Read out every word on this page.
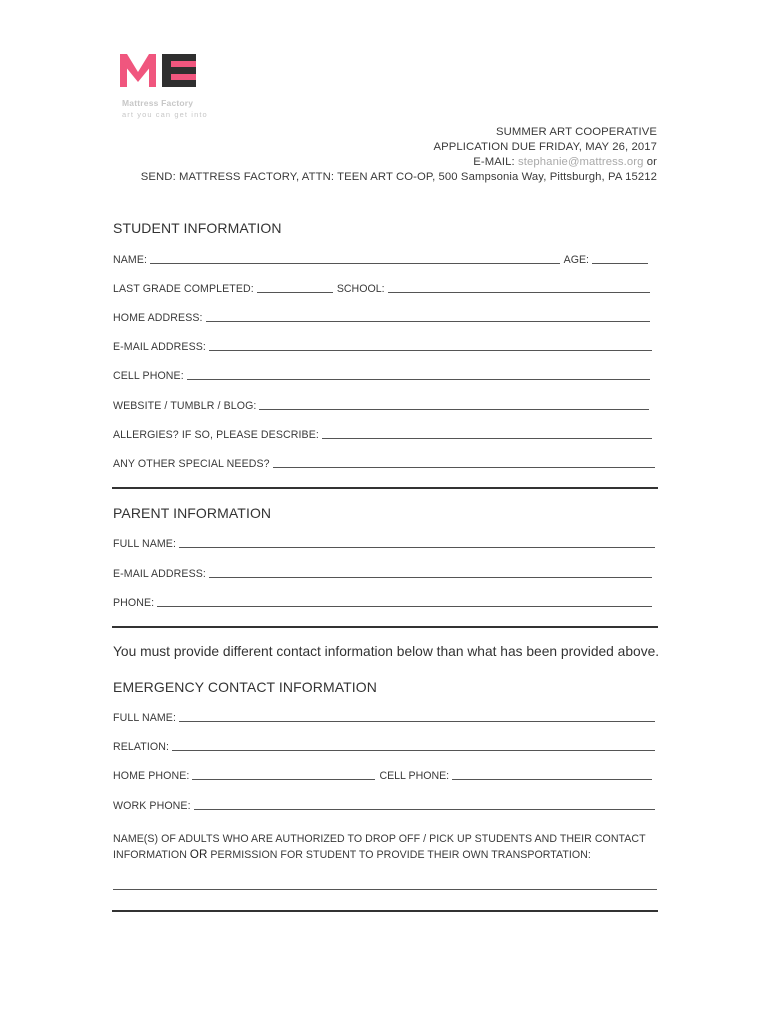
Mattress Factory
art you can get into
SUMMER ART COOPERATIVE
APPLICATION DUE FRIDAY, MAY 26, 2017
E-MAIL: stephanie@mattress.org or
SEND: MATTRESS FACTORY, ATTN: TEEN ART CO-OP, 500 Sampsonia Way, Pittsburgh, PA 15212
STUDENT INFORMATION
NAME:	AGE:
LAST GRADE COMPLETED:	SCHOOL:
HOME ADDRESS:
E-MAIL ADDRESS:
CELL PHONE:
WEBSITE / TUMBLR / BLOG:
ALLERGIES? IF SO, PLEASE DESCRIBE:
ANY OTHER SPECIAL NEEDS?
PARENT INFORMATION
FULL NAME:
E-MAIL ADDRESS:
PHONE:
You must provide different contact information below than what has been provided above.
EMERGENCY CONTACT INFORMATION
FULL NAME:
RELATION:
HOME PHONE:	CELL PHONE:
WORK PHONE:
NAME(S) OF ADULTS WHO ARE AUTHORIZED TO DROP OFF / PICK UP STUDENTS AND THEIR CONTACT INFORMATION OR PERMISSION FOR STUDENT TO PROVIDE THEIR OWN TRANSPORTATION:
